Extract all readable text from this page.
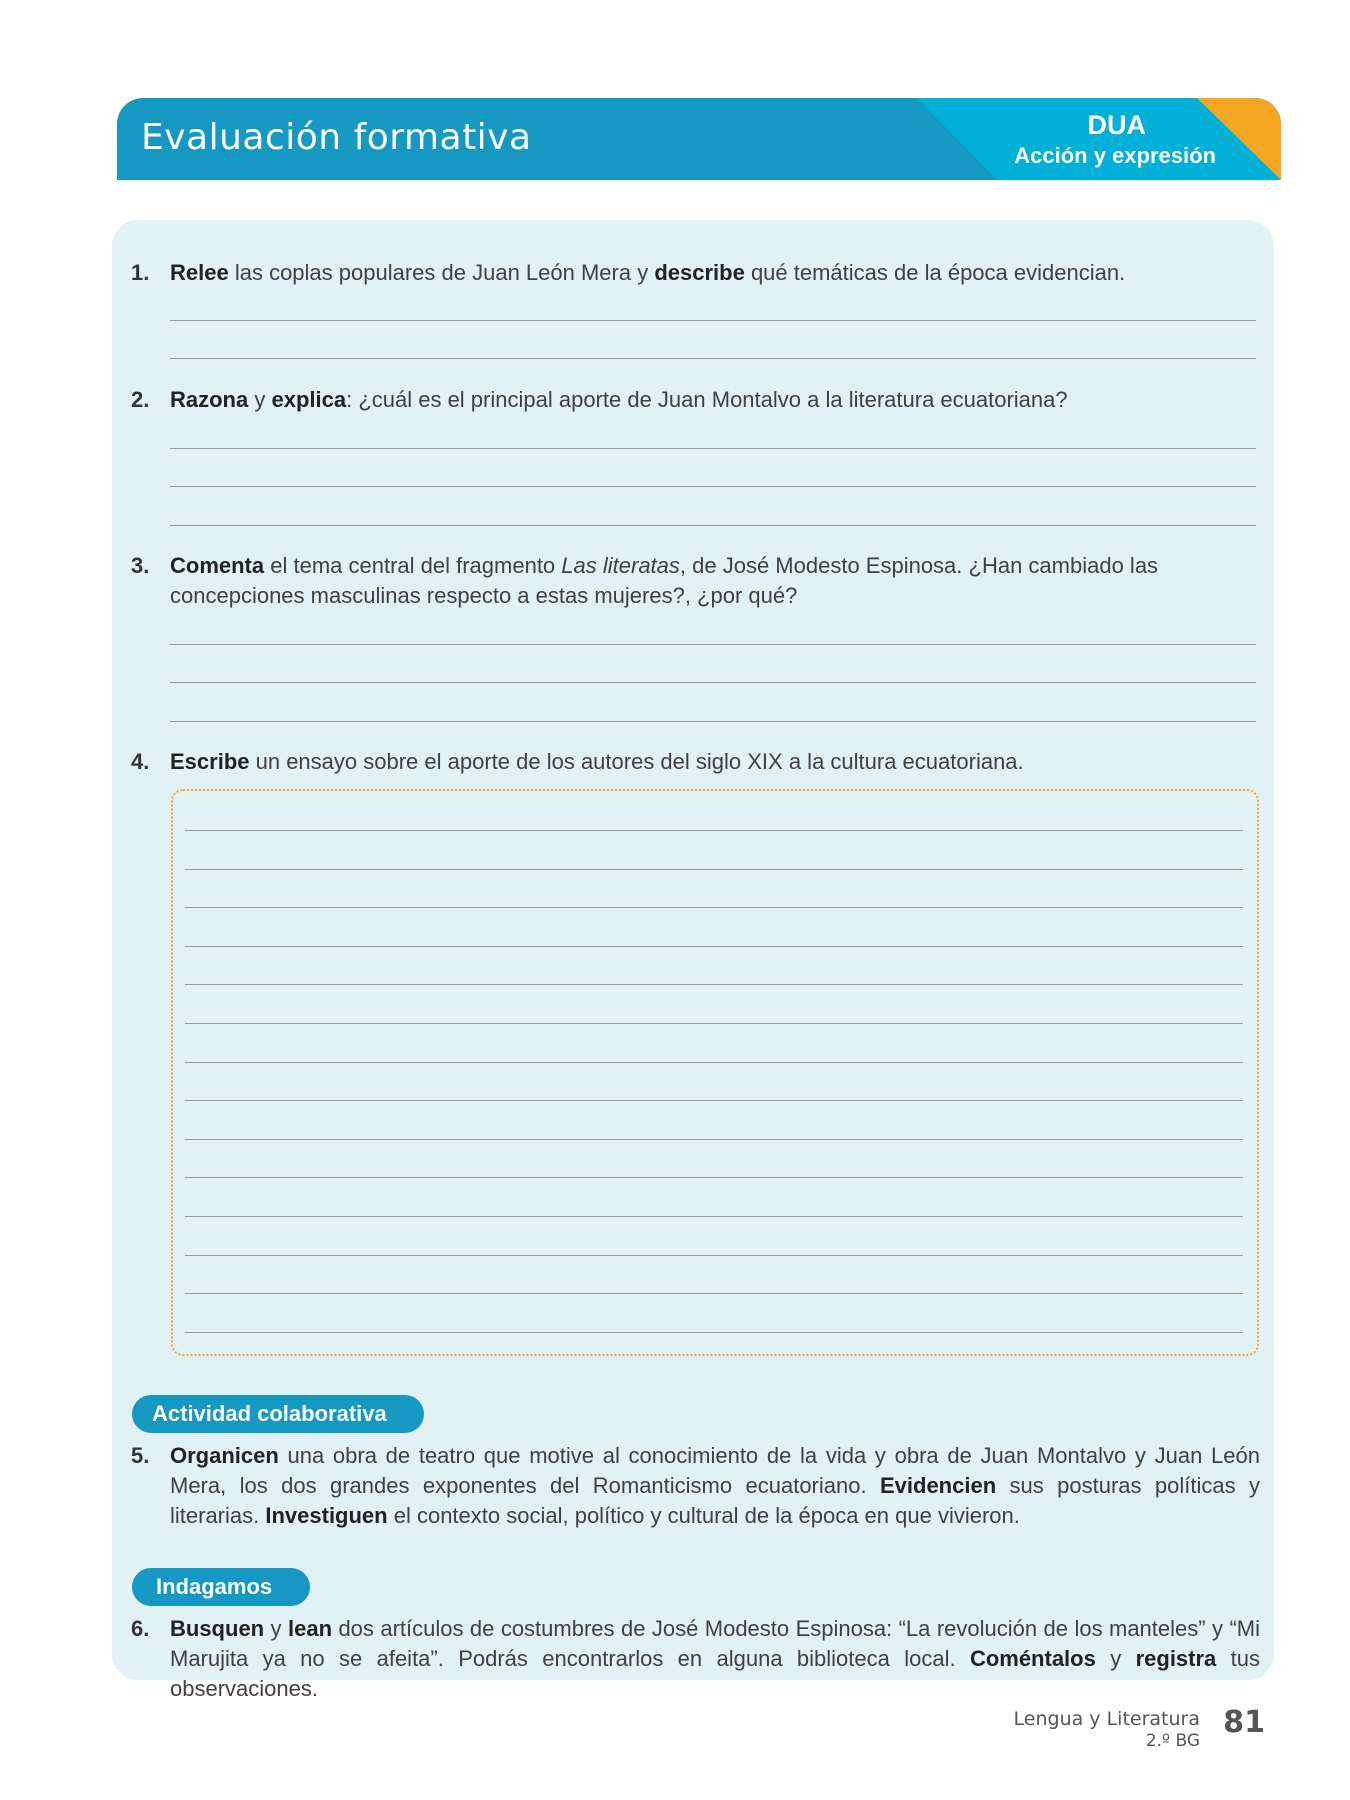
Evaluación formativa	DUA
Acción y expresión
1. Relee las coplas populares de Juan León Mera y describe qué temáticas de la época evidencian.
2. Razona y explica: ¿cuál es el principal aporte de Juan Montalvo a la literatura ecuatoriana?
3. Comenta el tema central del fragmento Las literatas, de José Modesto Espinosa. ¿Han cambiado las concepciones masculinas respecto a estas mujeres?, ¿por qué?
4. Escribe un ensayo sobre el aporte de los autores del siglo XIX a la cultura ecuatoriana.
Actividad colaborativa
5. Organicen una obra de teatro que motive al conocimiento de la vida y obra de Juan Montalvo y Juan León Mera, los dos grandes exponentes del Romanticismo ecuatoriano. Evidencien sus posturas políticas y literarias. Investiguen el contexto social, político y cultural de la época en que vivieron.
Indagamos
6. Busquen y lean dos artículos de costumbres de José Modesto Espinosa: “La revolución de los manteles” y “Mi Marujita ya no se afeita”. Podrás encontrarlos en alguna biblioteca local. Coméntalos y registra tus observaciones.
Lengua y Literatura
2.º BG
81
